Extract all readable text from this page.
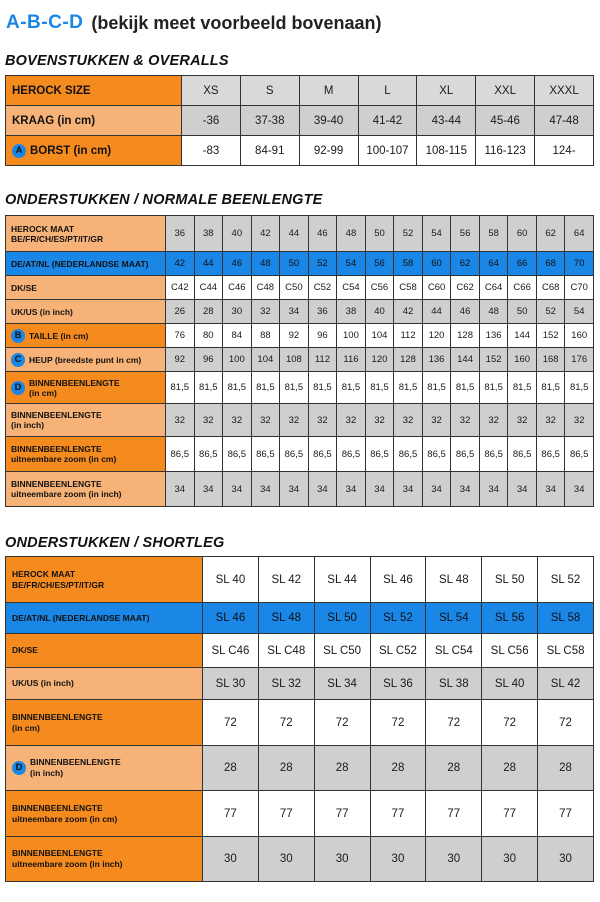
A-B-C-D (bekijk meet voorbeeld bovenaan)
BOVENSTUKKEN & OVERALLS
HEROCK SIZE	XS	S	M	L	XL	XXL	XXXL

KRAAG (in cm)	-36	37-38	39-40	41-42	43-44	45-46	47-48

A BORST (in cm)	-83	84-91	92-99	100-107	108-115	116-123	124-
ONDERSTUKKEN / NORMALE BEENLENGTE
HEROCK MAAT
BE/FR/CH/ES/PT/IT/GR	36	38	40	42	44	46	48	50	52	54	56	58	60	62	64

DE/AT/NL (NEDERLANDSE MAAT)	42	44	46	48	50	52	54	56	58	60	62	64	66	68	70

DK/SE	C42	C44	C46	C48	C50	C52	C54	C56	C58	C60	C62	C64	C66	C68	C70

UK/US (in inch)	26	28	30	32	34	36	38	40	42	44	46	48	50	52	54

B TAILLE (in cm)	76	80	84	88	92	96	100	104	112	120	128	136	144	152	160

C HEUP (breedste punt in cm)	92	96	100	104	108	112	116	120	128	136	144	152	160	168	176

D BINNENBEENLENGTE
(in cm)	81,5	81,5	81,5	81,5	81,5	81,5	81,5	81,5	81,5	81,5	81,5	81,5	81,5	81,5	81,5

BINNENBEENLENGTE
(in inch)	32	32	32	32	32	32	32	32	32	32	32	32	32	32	32

BINNENBEENLENGTE
uitneembare zoom (in cm)	86,5	86,5	86,5	86,5	86,5	86,5	86,5	86,5	86,5	86,5	86,5	86,5	86,5	86,5	86,5

BINNENBEENLENGTE
uitneembare zoom (in inch)	34	34	34	34	34	34	34	34	34	34	34	34	34	34	34
ONDERSTUKKEN / SHORTLEG
HEROCK MAAT
BE/FR/CH/ES/PT/IT/GR	SL 40	SL 42	SL 44	SL 46	SL 48	SL 50	SL 52

DE/AT/NL (NEDERLANDSE MAAT)	SL 46	SL 48	SL 50	SL 52	SL 54	SL 56	SL 58

DK/SE	SL C46	SL C48	SL C50	SL C52	SL C54	SL C56	SL C58

UK/US (in inch)	SL 30	SL 32	SL 34	SL 36	SL 38	SL 40	SL 42

BINNENBEENLENGTE
(in cm)	72	72	72	72	72	72	72

D BINNENBEENLENGTE
(in inch)	28	28	28	28	28	28	28

BINNENBEENLENGTE
uitneembare zoom (in cm)	77	77	77	77	77	77	77

BINNENBEENLENGTE
uitneembare zoom (in inch)	30	30	30	30	30	30	30
